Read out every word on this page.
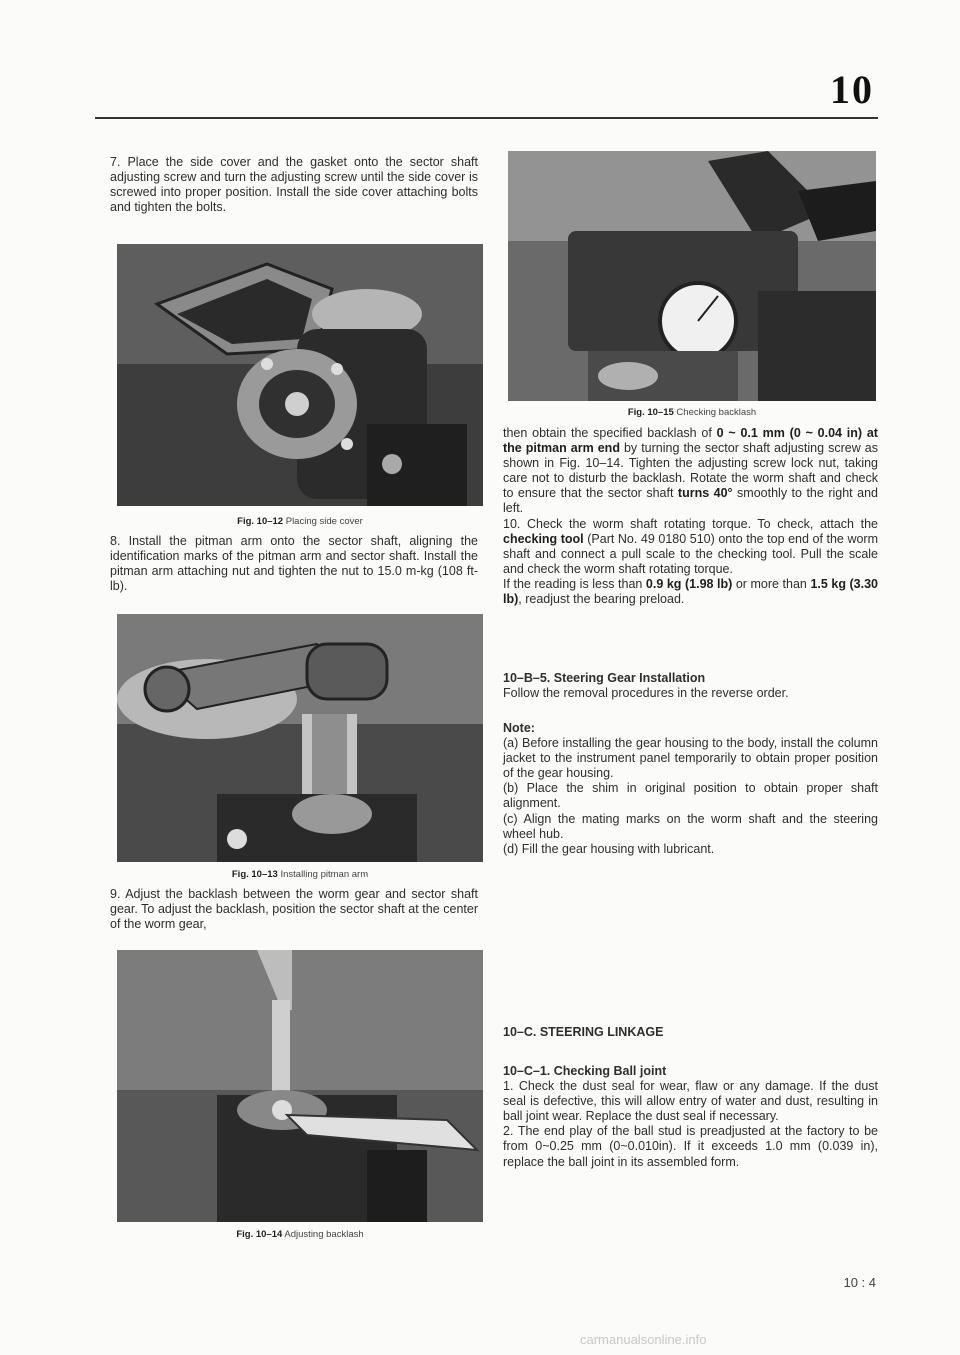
10

7. Place the side cover and the gasket onto the sector shaft adjusting screw and turn the adjusting screw until the side cover is screwed into proper position. Install the side cover attaching bolts and tighten the bolts.

Fig. 10–12 Placing side cover

8. Install the pitman arm onto the sector shaft, aligning the identification marks of the pitman arm and sector shaft. Install the pitman arm attaching nut and tighten the nut to 15.0 m-kg (108 ft-lb).

Fig. 10–13 Installing pitman arm

9. Adjust the backlash between the worm gear and sector shaft gear. To adjust the backlash, position the sector shaft at the center of the worm gear,

Fig. 10–14 Adjusting backlash
Fig. 10–15 Checking backlash

then obtain the specified backlash of 0 ~ 0.1 mm (0 ~ 0.04 in) at the pitman arm end by turning the sector shaft adjusting screw as shown in Fig. 10–14. Tighten the adjusting screw lock nut, taking care not to disturb the backlash. Rotate the worm shaft and check to ensure that the sector shaft turns 40° smoothly to the right and left.

10. Check the worm shaft rotating torque. To check, attach the checking tool (Part No. 49 0180 510) onto the top end of the worm shaft and connect a pull scale to the checking tool. Pull the scale and check the worm shaft rotating torque.

If the reading is less than 0.9 kg (1.98 lb) or more than 1.5 kg (3.30 lb), readjust the bearing preload.

10–B–5. Steering Gear Installation

Follow the removal procedures in the reverse order.

Note:

(a) Before installing the gear housing to the body, install the column jacket to the instrument panel temporarily to obtain proper position of the gear housing.

(b) Place the shim in original position to obtain proper shaft alignment.

(c) Align the mating marks on the worm shaft and the steering wheel hub.

(d) Fill the gear housing with lubricant.

10–C. STEERING LINKAGE

10–C–1. Checking Ball joint

1. Check the dust seal for wear, flaw or any damage. If the dust seal is defective, this will allow entry of water and dust, resulting in ball joint wear. Replace the dust seal if necessary.

2. The end play of the ball stud is preadjusted at the factory to be from 0~0.25 mm (0~0.010in). If it exceeds 1.0 mm (0.039 in), replace the ball joint in its assembled form.

10 : 4
carmanualsonline.info
